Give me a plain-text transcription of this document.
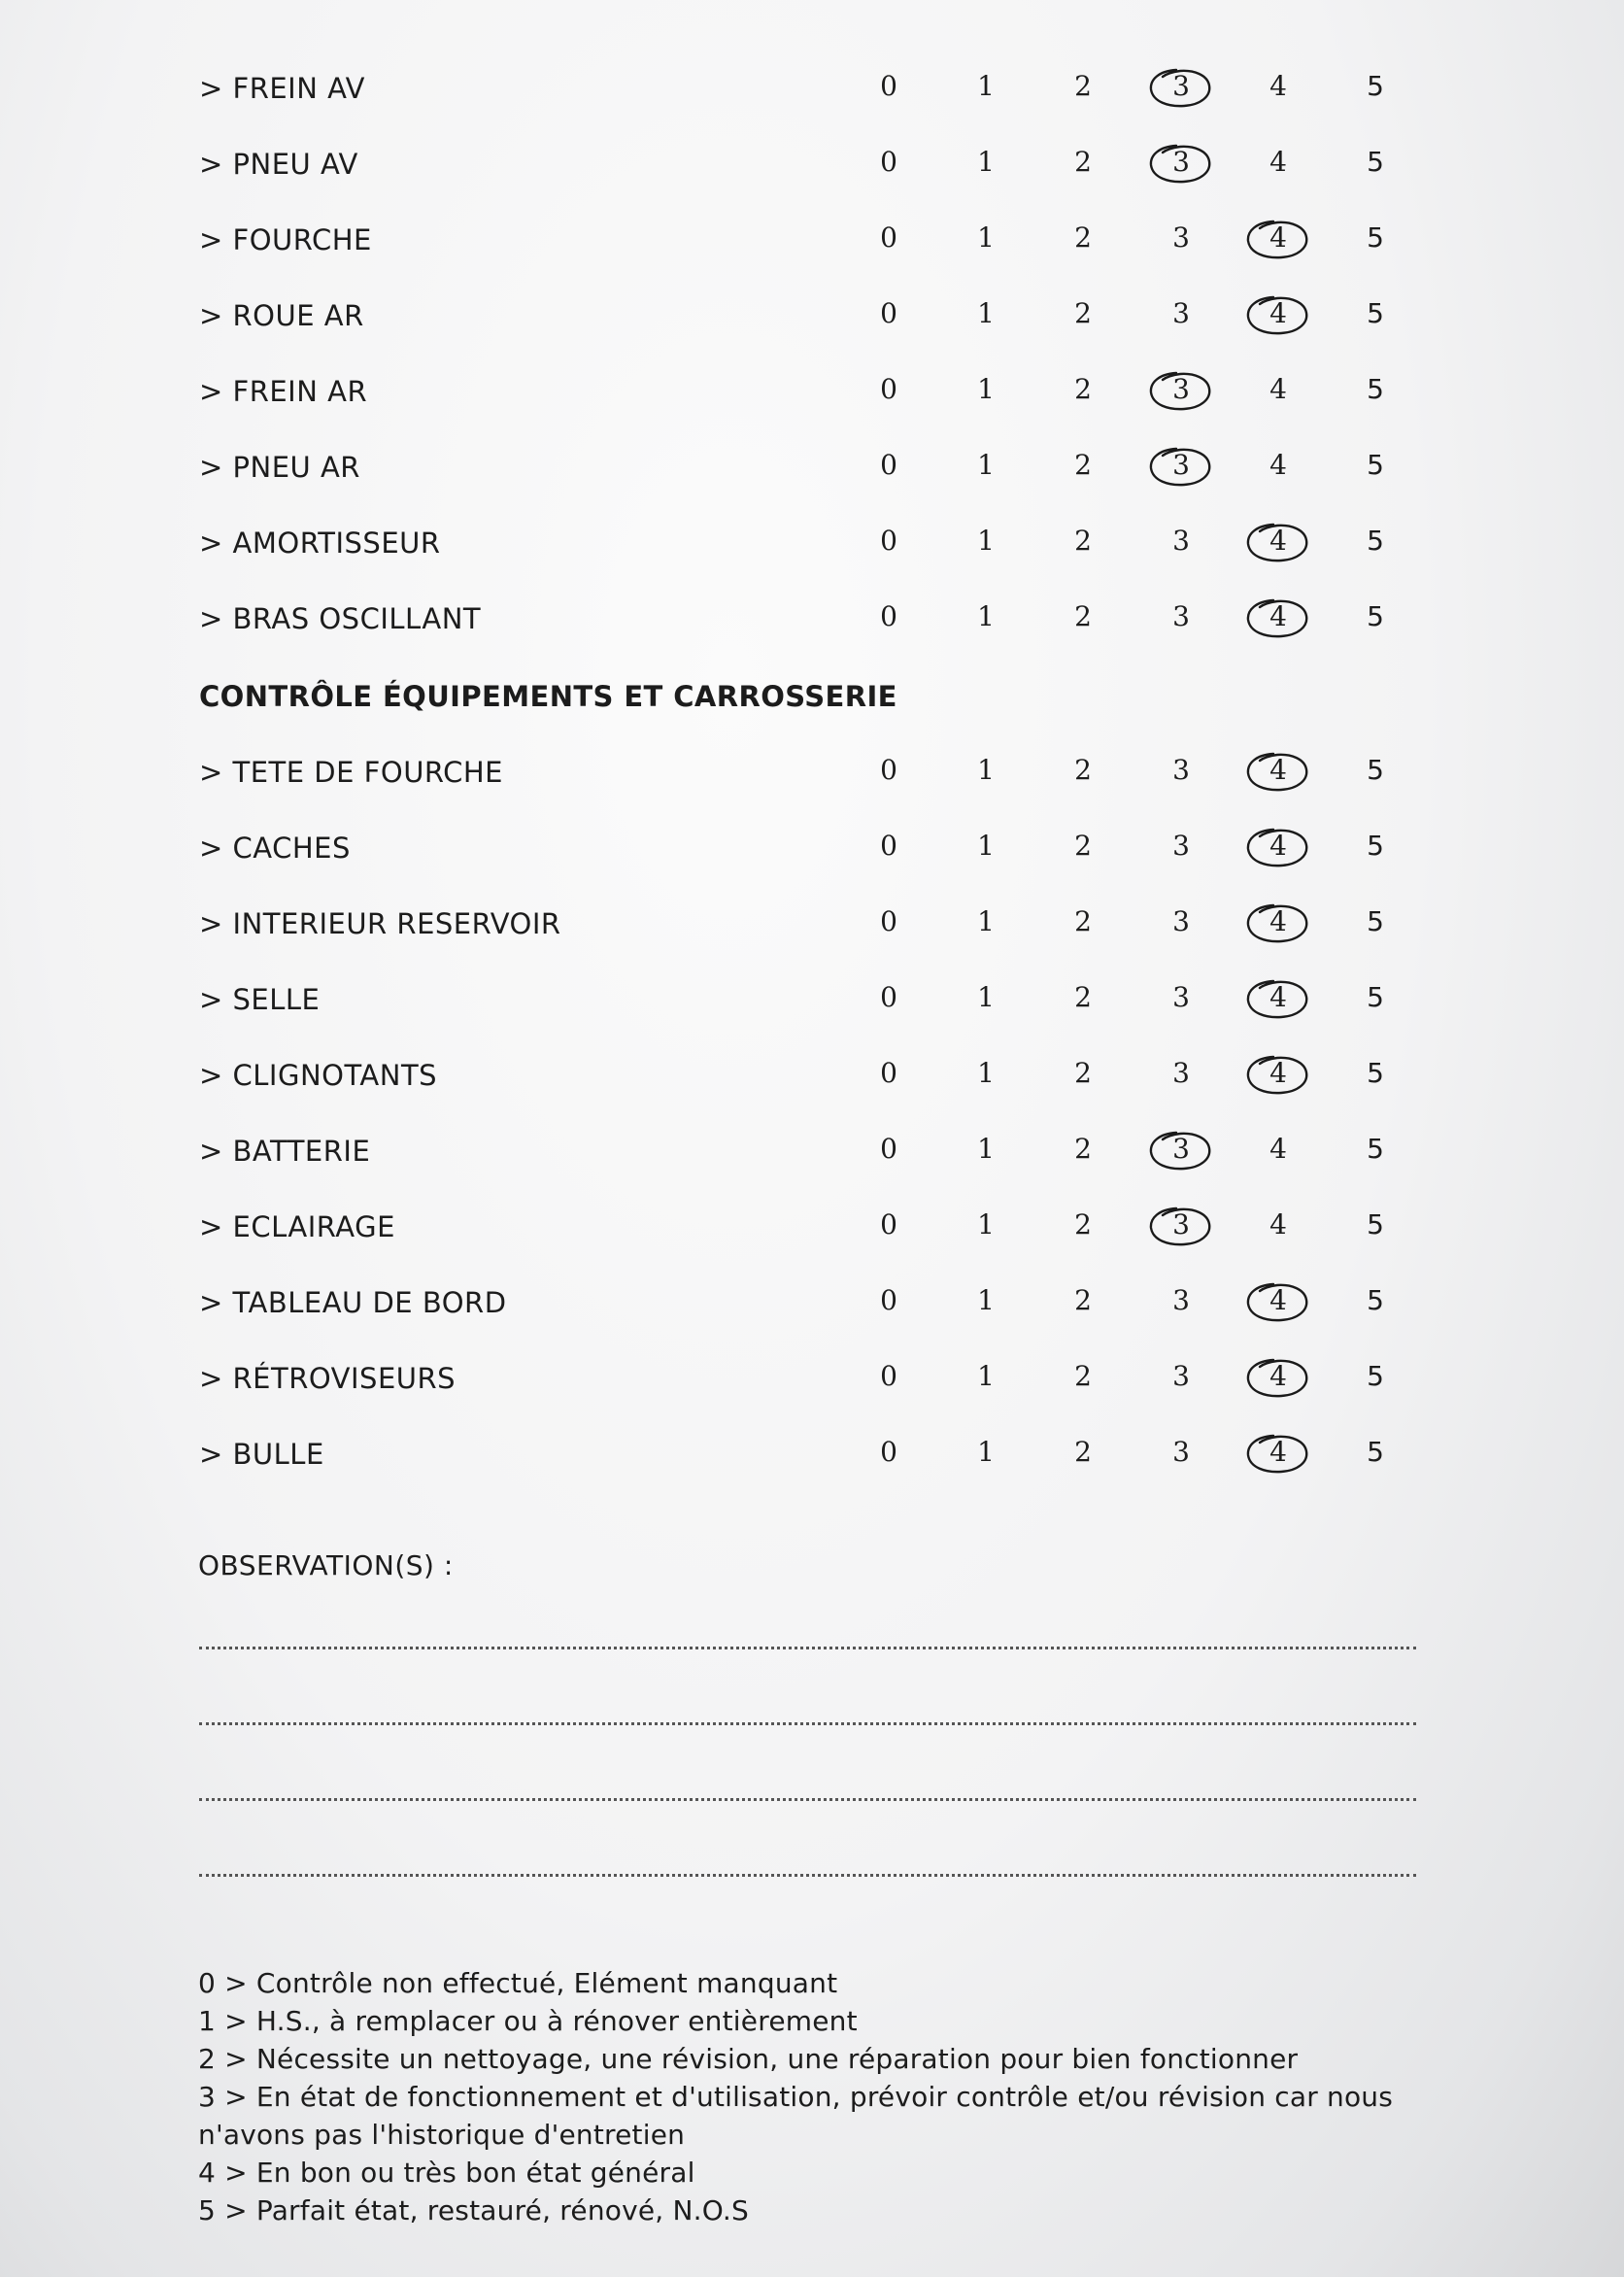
> FREIN AV	0	1	2	3	4	5
> PNEU AV	0	1	2	3	4	5
> FOURCHE	0	1	2	3	4	5
> ROUE AR	0	1	2	3	4	5
> FREIN AR	0	1	2	3	4	5
> PNEU AR	0	1	2	3	4	5
> AMORTISSEUR	0	1	2	3	4	5
> BRAS OSCILLANT	0	1	2	3	4	5
> TETE DE FOURCHE	0	1	2	3	4	5
> CACHES	0	1	2	3	4	5
> INTERIEUR RESERVOIR	0	1	2	3	4	5
> SELLE	0	1	2	3	4	5
> CLIGNOTANTS	0	1	2	3	4	5
> BATTERIE	0	1	2	3	4	5
> ECLAIRAGE	0	1	2	3	4	5
> TABLEAU DE BORD	0	1	2	3	4	5
> RÉTROVISEURS	0	1	2	3	4	5
> BULLE	0	1	2	3	4	5
CONTRÔLE ÉQUIPEMENTS ET CARROSSERIE
OBSERVATION(S) :
0 > Contrôle non effectué, Elément manquant
1 > H.S., à remplacer ou à rénover entièrement
2 > Nécessite un nettoyage, une révision, une réparation pour bien fonctionner
3 > En état de fonctionnement et d'utilisation, prévoir contrôle et/ou révision car nous n'avons pas l'historique d'entretien
4 > En bon ou très bon état général
5 > Parfait état, restauré, rénové, N.O.S
